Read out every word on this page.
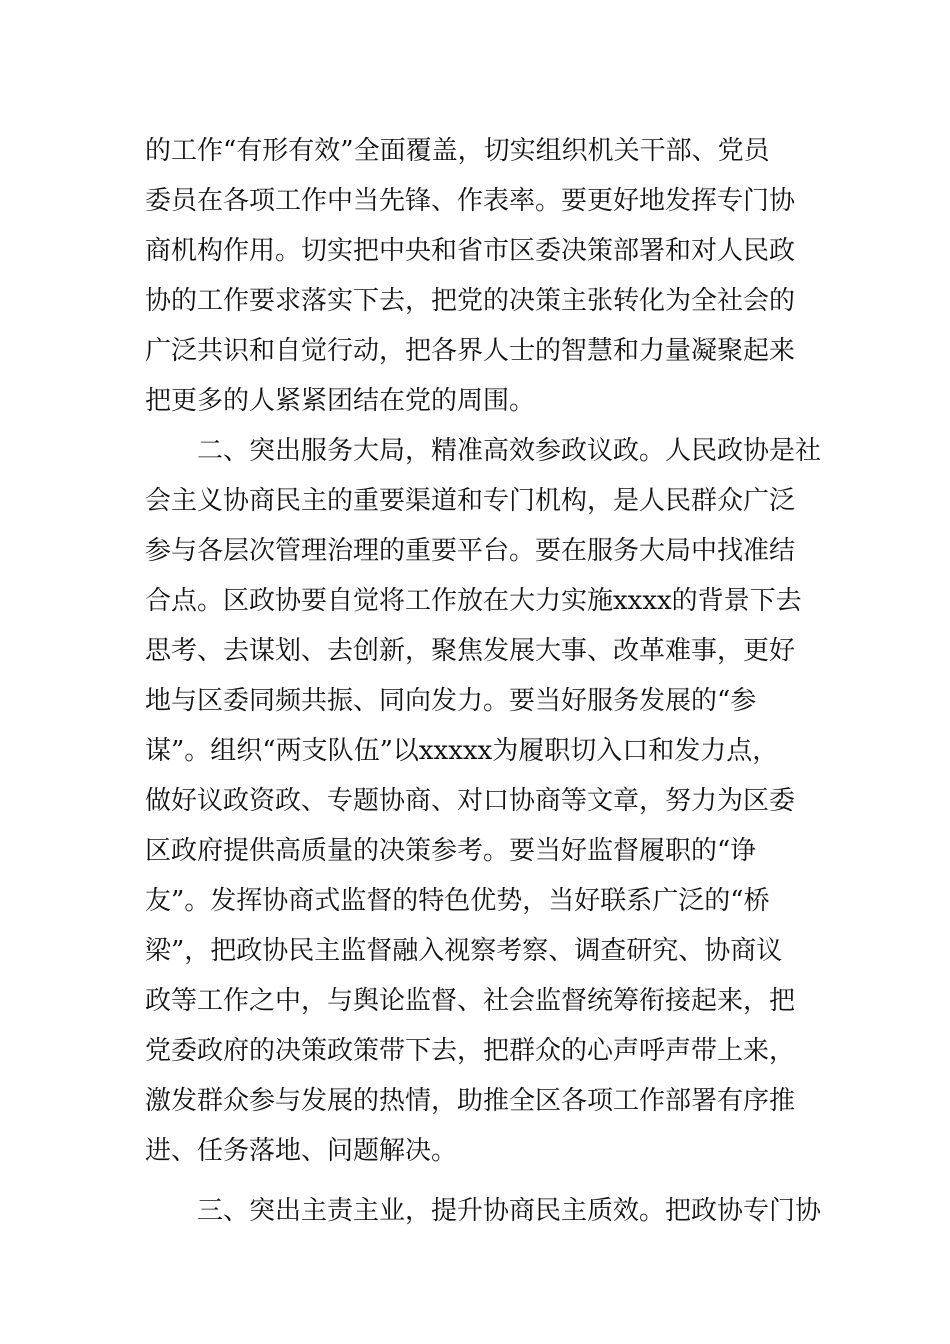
的工作“有形有效”全面覆盖，切实组织机关干部、党员
委员在各项工作中当先锋、作表率。要更好地发挥专门协
商机构作用。切实把中央和省市区委决策部署和对人民政
协的工作要求落实下去，把党的决策主张转化为全社会的
广泛共识和自觉行动，把各界人士的智慧和力量凝聚起来
把更多的人紧紧团结在党的周围。
　　二、突出服务大局，精准高效参政议政。人民政协是社
会主义协商民主的重要渠道和专门机构，是人民群众广泛
参与各层次管理治理的重要平台。要在服务大局中找准结
合点。区政协要自觉将工作放在大力实施xxxx的背景下去
思考、去谋划、去创新，聚焦发展大事、改革难事，更好
地与区委同频共振、同向发力。要当好服务发展的“参
谋”。组织“两支队伍”以xxxxx为履职切入口和发力点，
做好议政资政、专题协商、对口协商等文章，努力为区委
区政府提供高质量的决策参考。要当好监督履职的“诤
友”。发挥协商式监督的特色优势，当好联系广泛的“桥
梁”，把政协民主监督融入视察考察、调查研究、协商议
政等工作之中，与舆论监督、社会监督统筹衔接起来，把
党委政府的决策政策带下去，把群众的心声呼声带上来，
激发群众参与发展的热情，助推全区各项工作部署有序推
进、任务落地、问题解决。
　　三、突出主责主业，提升协商民主质效。把政协专门协
